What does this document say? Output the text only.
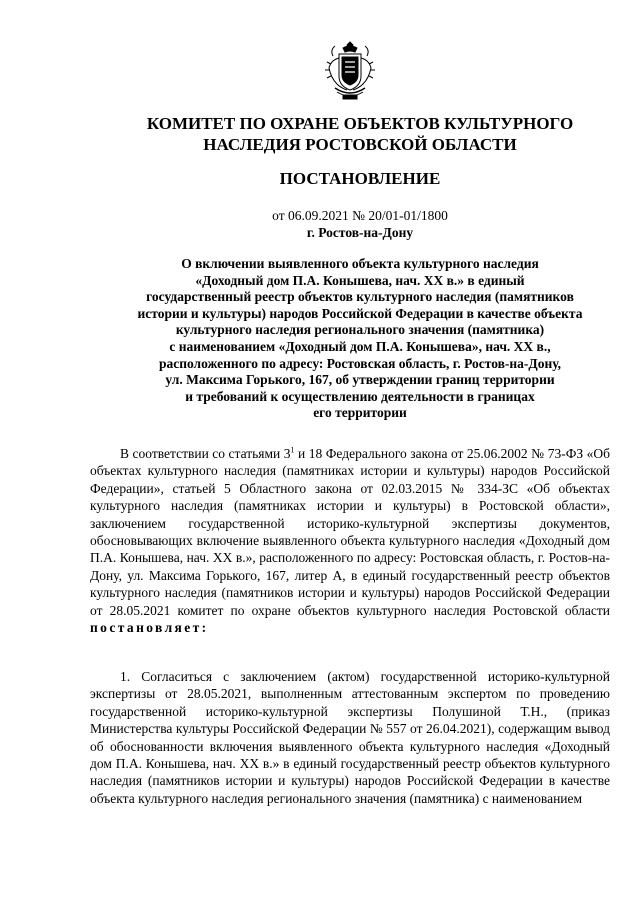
КОМИТЕТ ПО ОХРАНЕ ОБЪЕКТОВ КУЛЬТУРНОГО
НАСЛЕДИЯ РОСТОВСКОЙ ОБЛАСТИ
ПОСТАНОВЛЕНИЕ
от 06.09.2021 № 20/01-01/1800
г. Ростов-на-Дону
О включении выявленного объекта культурного наследия
«Доходный дом П.А. Конышева, нач. XX в.» в единый
государственный реестр объектов культурного наследия (памятников
истории и культуры) народов Российской Федерации в качестве объекта
культурного наследия регионального значения (памятника)
с наименованием «Доходный дом П.А. Конышева», нач. XX в.,
расположенного по адресу: Ростовская область, г. Ростов-на-Дону,
ул. Максима Горького, 167, об утверждении границ территории
и требований к осуществлению деятельности в границах
его территории
В соответствии со статьями $3^1$ и 18 Федерального закона от 25.06.2002 № 73-ФЗ «Об объектах культурного наследия (памятниках истории и культуры) народов Российской Федерации», статьей 5 Областного закона от 02.03.2015 № 334-ЗС «Об объектах культурного наследия (памятниках истории и культуры) в Ростовской области», заключением государственной историко-культурной экспертизы документов, обосновывающих включение выявленного объекта культурного наследия «Доходный дом П.А. Конышева, нач. XX в.», расположенного по адресу: Ростовская область, г. Ростов-на-Дону, ул. Максима Горького, 167, литер А, в единый государственный реестр объектов культурного наследия (памятников истории и культуры) народов Российской Федерации от 28.05.2021 комитет по охране объектов культурного наследия Ростовской области постановляет:
1. Согласиться с заключением (актом) государственной историко-культурной экспертизы от 28.05.2021, выполненным аттестованным экспертом по проведению государственной историко-культурной экспертизы Полушиной Т.Н., (приказ Министерства культуры Российской Федерации № 557 от 26.04.2021), содержащим вывод об обоснованности включения выявленного объекта культурного наследия «Доходный дом П.А. Конышева, нач. XX в.» в единый государственный реестр объектов культурного наследия (памятников истории и культуры) народов Российской Федерации в качестве объекта культурного наследия регионального значения (памятника) с наименованием
